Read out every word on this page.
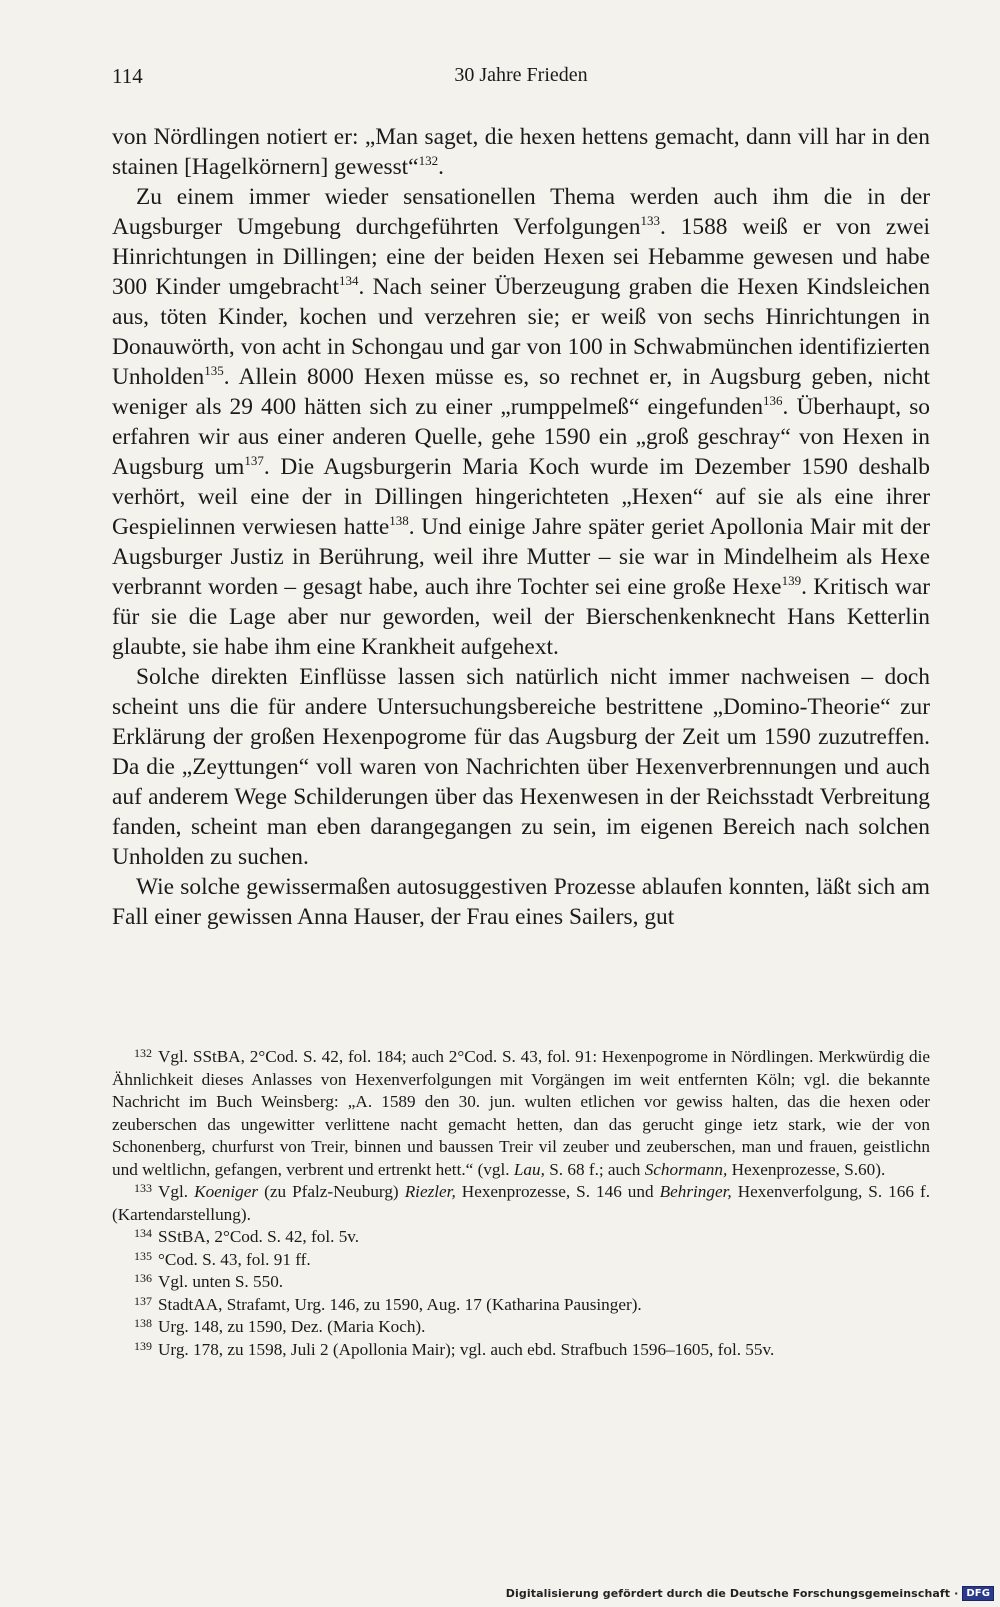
114	30 Jahre Frieden

von Nördlingen notiert er: „Man saget, die hexen hettens gemacht, dann vill har in den stainen [Hagelkörnern] gewesst“$^{132}$.

Zu einem immer wieder sensationellen Thema werden auch ihm die in der Augsburger Umgebung durchgeführten Verfolgungen$^{133}$. 1588 weiß er von zwei Hinrichtungen in Dillingen; eine der beiden Hexen sei Hebamme gewesen und habe 300 Kinder umgebracht$^{134}$. Nach seiner Überzeugung graben die Hexen Kindsleichen aus, töten Kinder, kochen und verzehren sie; er weiß von sechs Hinrichtungen in Donauwörth, von acht in Schongau und gar von 100 in Schwabmünchen identifizierten Unholden$^{135}$. Allein 8000 Hexen müsse es, so rechnet er, in Augsburg geben, nicht weniger als 29 400 hätten sich zu einer „rumppelmeß“ eingefunden$^{136}$. Überhaupt, so erfahren wir aus einer anderen Quelle, gehe 1590 ein „groß geschray“ von Hexen in Augsburg $um^{137}$. Die Augsburgerin Maria Koch wurde im Dezember 1590 deshalb verhört, weil eine der in Dillingen hingerichteten „Hexen“ auf sie als eine ihrer Gespielinnen verwiesen hatte$^{138}$. Und einige Jahre später geriet Apollonia Mair mit der Augsburger Justiz in Berührung, weil ihre Mutter – sie war in Mindelheim als Hexe verbrannt worden – gesagt habe, auch ihre Tochter sei eine große Hexe$^{139}$. Kritisch war für sie die Lage aber nur geworden, weil der Bierschenkenknecht Hans Ketterlin glaubte, sie habe ihm eine Krankheit aufgehext.

Solche direkten Einflüsse lassen sich natürlich nicht immer nachweisen – doch scheint uns die für andere Untersuchungsbereiche bestrittene „Domino-Theorie“ zur Erklärung der großen Hexenpogrome für das Augsburg der Zeit um 1590 zuzutreffen. Da die „Zeyttungen“ voll waren von Nachrichten über Hexenverbrennungen und auch auf anderem Wege Schilderungen über das Hexenwesen in der Reichsstadt Verbreitung fanden, scheint man eben darangegangen zu sein, im eigenen Bereich nach solchen Unholden zu suchen.

Wie solche gewissermaßen autosuggestiven Prozesse ablaufen konnten, läßt sich am Fall einer gewissen Anna Hauser, der Frau eines Sailers, gut

$^{132}$ Vgl. SStBA, 2°Cod. S. 42, fol. 184; auch 2°Cod. S. 43, fol. 91: Hexenpogrome in Nördlingen. Merkwürdig die Ähnlichkeit dieses Anlasses von Hexenverfolgungen mit Vorgängen im weit entfernten Köln; vgl. die bekannte Nachricht im Buch Weinsberg: „A. 1589 den 30. jun. wulten etlichen vor gewiss halten, das die hexen oder zeuberschen das ungewitter verlittene nacht gemacht hetten, dan das gerucht ginge ietz stark, wie der von Schonenberg, churfurst von Treir, binnen und baussen Treir vil zeuber und zeuberschen, man und frauen, geistlichn und weltlichn, gefangen, verbrent und ertrenkt hett.“ (vgl. Lau, S. 68 f.; auch Schormann, Hexenprozesse, S.60).

$^{133}$ Vgl. Koeniger (zu Pfalz-Neuburg) Riezler, Hexenprozesse, S. 146 und Behringer, Hexenverfolgung, S. 166 f. (Kartendarstellung).

$^{134}$ SStBA, 2°Cod. S. 42, fol. 5v.

$^{135}$ °Cod. S. 43, fol. 91 ff.

$^{136}$ Vgl. unten S. 550.

$^{137}$ StadtAA, Strafamt, Urg. 146, zu 1590, Aug. 17 (Katharina Pausinger).

$^{138}$ Urg. 148, zu 1590, Dez. (Maria Koch).

$^{139}$ Urg. 178, zu 1598, Juli 2 (Apollonia Mair); vgl. auch ebd. Strafbuch 1596–1605, fol. 55v.

Digitalisierung gefördert durch die Deutsche Forschungsgemeinschaft · DFG
